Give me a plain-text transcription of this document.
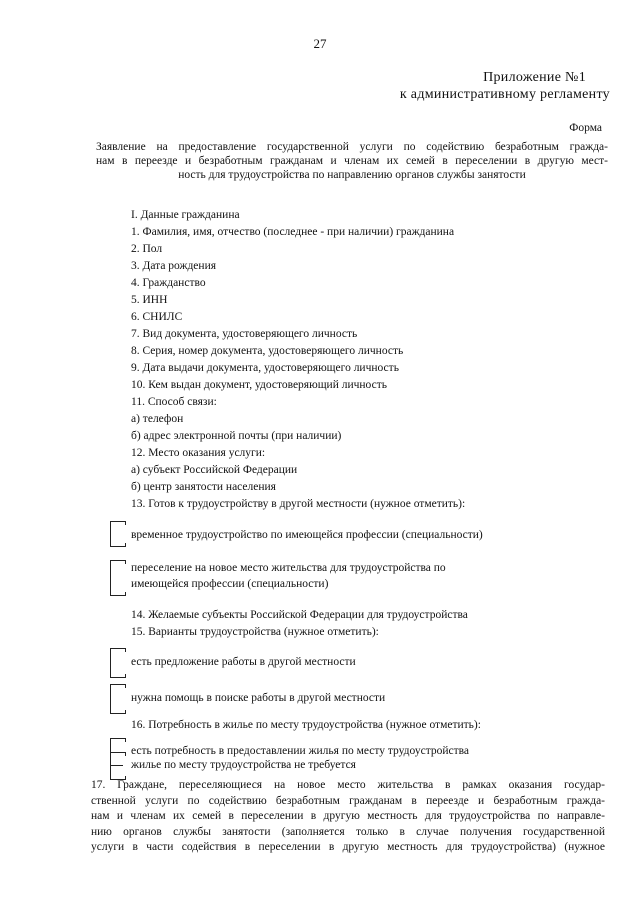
27
Приложение №1
к административному регламенту
Форма
Заявление на предоставление государственной услуги по содействию безработным гражда-
нам в переезде и безработным гражданам и членам их семей в переселении в другую мест-
ность для трудоустройства по направлению органов службы занятости
I. Данные гражданина
1. Фамилия, имя, отчество (последнее - при наличии) гражданина
2. Пол
3. Дата рождения
4. Гражданство
5. ИНН
6. СНИЛС
7. Вид документа, удостоверяющего личность
8. Серия, номер документа, удостоверяющего личность
9. Дата выдачи документа, удостоверяющего личность
10. Кем выдан документ, удостоверяющий личность
11. Способ связи:
а) телефон
б) адрес электронной почты (при наличии)
12. Место оказания услуги:
а) субъект Российской Федерации
б) центр занятости населения
13. Готов к трудоустройству в другой местности (нужное отметить):
временное трудоустройство по имеющейся профессии (специальности)
переселение на новое место жительства для трудоустройства по
имеющейся профессии (специальности)
14. Желаемые субъекты Российской Федерации для трудоустройства
15. Варианты трудоустройства (нужное отметить):
есть предложение работы в другой местности
нужна помощь в поиске работы в другой местности
16. Потребность в жилье по месту трудоустройства (нужное отметить):
есть потребность в предоставлении жилья по месту трудоустройства
жилье по месту трудоустройства не требуется
17. Граждане, переселяющиеся на новое место жительства в рамках оказания государ-
ственной услуги по содействию безработным гражданам в переезде и безработным гражда-
нам и членам их семей в переселении в другую местность для трудоустройства по направле-
нию органов службы занятости (заполняется только в случае получения государственной
услуги в части содействия в переселении в другую местность для трудоустройства) (нужное
